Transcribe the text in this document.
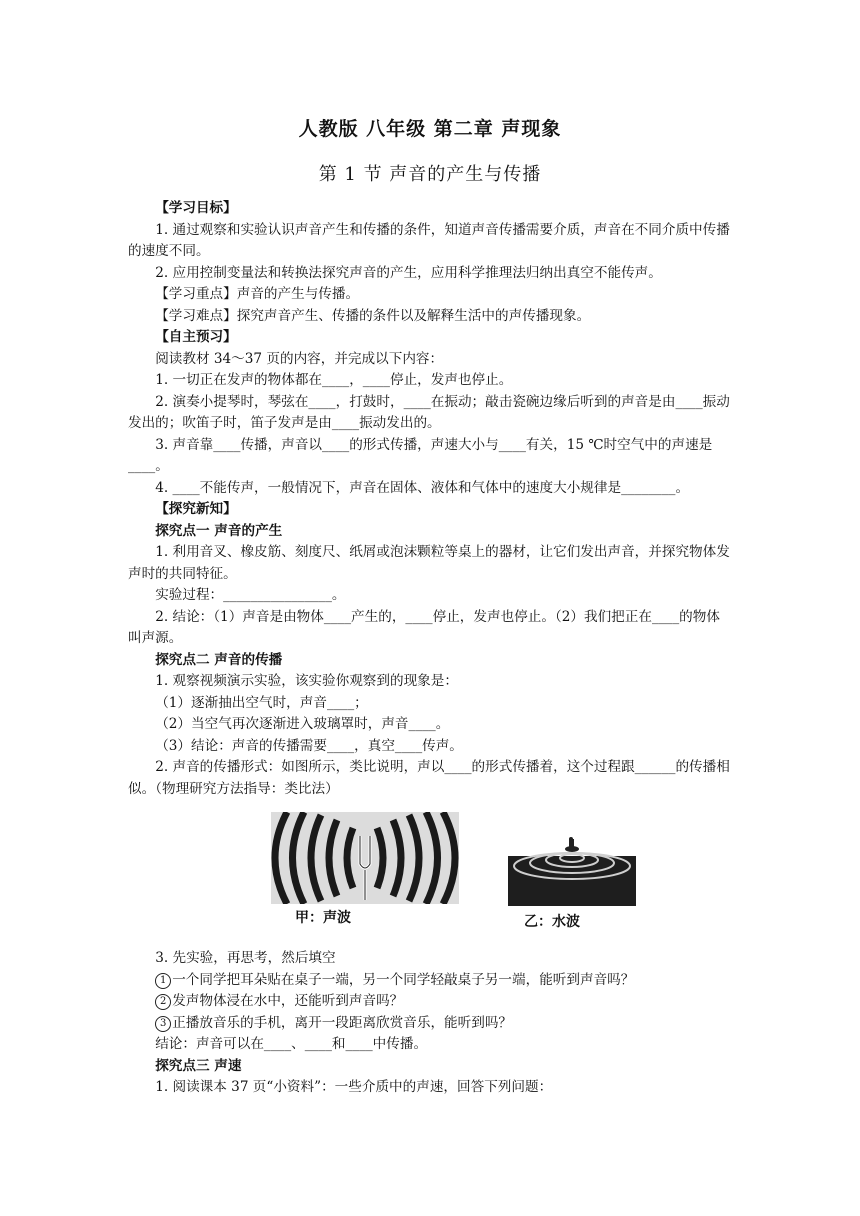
人教版 八年级 第二章 声现象
第 1 节 声音的产生与传播

【学习目标】

1. 通过观察和实验认识声音产生和传播的条件，知道声音传播需要介质，声音在不同介质中传播的速度不同。

2. 应用控制变量法和转换法探究声音的产生，应用科学推理法归纳出真空不能传声。

【学习重点】声音的产生与传播。

【学习难点】探究声音产生、传播的条件以及解释生活中的声传播现象。

【自主预习】

阅读教材 34～37 页的内容，并完成以下内容：

1. 一切正在发声的物体都在____，____停止，发声也停止。

2. 演奏小提琴时，琴弦在____，打鼓时，____在振动；敲击瓷碗边缘后听到的声音是由____振动发出的；吹笛子时，笛子发声是由____振动发出的。

3. 声音靠____传播，声音以____的形式传播，声速大小与____有关，15 ℃时空气中的声速是____。

4. ____不能传声，一般情况下，声音在固体、液体和气体中的速度大小规律是________。

【探究新知】

探究点一 声音的产生

1. 利用音叉、橡皮筋、刻度尺、纸屑或泡沫颗粒等桌上的器材，让它们发出声音，并探究物体发声时的共同特征。

实验过程：________________。

2. 结论：（1）声音是由物体____产生的，____停止，发声也停止。（2）我们把正在____的物体叫声源。

探究点二 声音的传播

1. 观察视频演示实验，该实验你观察到的现象是：

（1）逐渐抽出空气时，声音____；

（2）当空气再次逐渐进入玻璃罩时，声音____。

（3）结论：声音的传播需要____，真空____传声。

2. 声音的传播形式：如图所示，类比说明，声以____的形式传播着，这个过程跟______的传播相似。（物理研究方法指导：类比法）

甲：声波	乙：水波

3. 先实验，再思考，然后填空

1 一个同学把耳朵贴在桌子一端，另一个同学轻敲桌子另一端，能听到声音吗？

2 发声物体浸在水中，还能听到声音吗？

3 正播放音乐的手机，离开一段距离欣赏音乐，能听到吗？

结论：声音可以在____、____和____中传播。

探究点三 声速

1. 阅读课本 37 页“小资料”：一些介质中的声速，回答下列问题：
